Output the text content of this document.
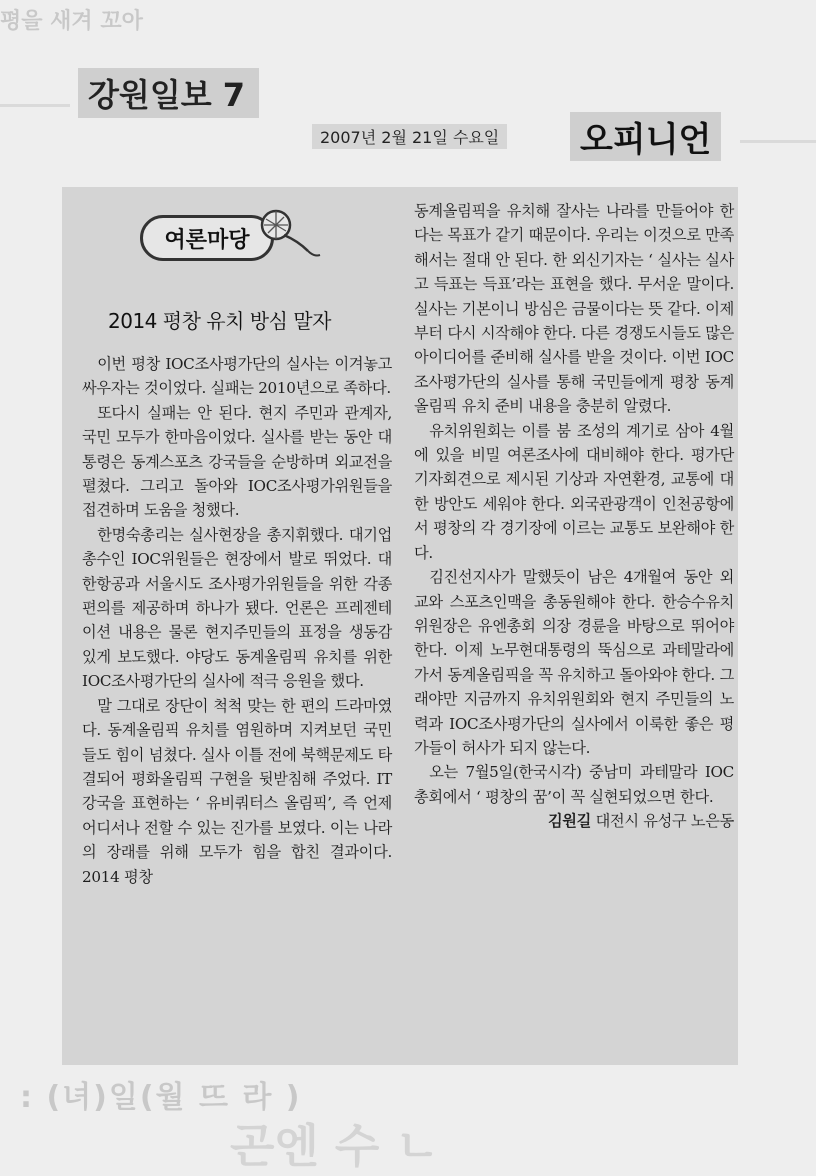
평을 새겨 꼬아
: (녀)일(월 뜨 라 )
곤엔 수 ㄴ
강원일보 7
2007년 2월 21일 수요일 오피니언
여론마당
2014 평창 유치 방심 말자

이번 평창 IOC조사평가단의 실사는 이겨놓고 싸우자는 것이었다. 실패는 2010년으로 족하다.

또다시 실패는 안 된다. 현지 주민과 관계자, 국민 모두가 한마음이었다. 실사를 받는 동안 대통령은 동계스포츠 강국들을 순방하며 외교전을 펼쳤다. 그리고 돌아와 IOC조사평가위원들을 접견하며 도움을 청했다.

한명숙총리는 실사현장을 총지휘했다. 대기업 총수인 IOC위원들은 현장에서 발로 뛰었다. 대한항공과 서울시도 조사평가위원들을 위한 각종 편의를 제공하며 하나가 됐다. 언론은 프레젠테이션 내용은 물론 현지주민들의 표정을 생동감 있게 보도했다. 야당도 동계올림픽 유치를 위한 IOC조사평가단의 실사에 적극 응원을 했다.

말 그대로 장단이 척척 맞는 한 편의 드라마였다. 동계올림픽 유치를 염원하며 지켜보던 국민들도 힘이 넘쳤다. 실사 이틀 전에 북핵문제도 타결되어 평화올림픽 구현을 뒷받침해 주었다. IT강국을 표현하는 ‘ 유비쿼터스 올림픽’, 즉 언제 어디서나 전할 수 있는 진가를 보였다. 이는 나라의 장래를 위해 모두가 힘을 합친 결과이다. 2014 평창

동계올림픽을 유치해 잘사는 나라를 만들어야 한다는 목표가 같기 때문이다. 우리는 이것으로 만족해서는 절대 안 된다. 한 외신기자는 ‘ 실사는 실사고 득표는 득표’라는 표현을 했다. 무서운 말이다. 실사는 기본이니 방심은 금물이다는 뜻 같다. 이제부터 다시 시작해야 한다. 다른 경쟁도시들도 많은 아이디어를 준비해 실사를 받을 것이다. 이번 IOC조사평가단의 실사를 통해 국민들에게 평창 동계올림픽 유치 준비 내용을 충분히 알렸다.

유치위원회는 이를 붐 조성의 계기로 삼아 4월에 있을 비밀 여론조사에 대비해야 한다. 평가단 기자회견으로 제시된 기상과 자연환경, 교통에 대한 방안도 세워야 한다. 외국관광객이 인천공항에서 평창의 각 경기장에 이르는 교통도 보완해야 한다.

김진선지사가 말했듯이 남은 4개월여 동안 외교와 스포츠인맥을 총동원해야 한다. 한승수유치위원장은 유엔총회 의장 경륜을 바탕으로 뛰어야 한다. 이제 노무현대통령의 뚝심으로 과테말라에 가서 동계올림픽을 꼭 유치하고 돌아와야 한다. 그래야만 지금까지 유치위원회와 현지 주민들의 노력과 IOC조사평가단의 실사에서 이룩한 좋은 평가들이 허사가 되지 않는다.

오는 7월5일(한국시각) 중남미 과테말라 IOC총회에서 ‘ 평창의 꿈’이 꼭 실현되었으면 한다.

김원길 대전시 유성구 노은동
